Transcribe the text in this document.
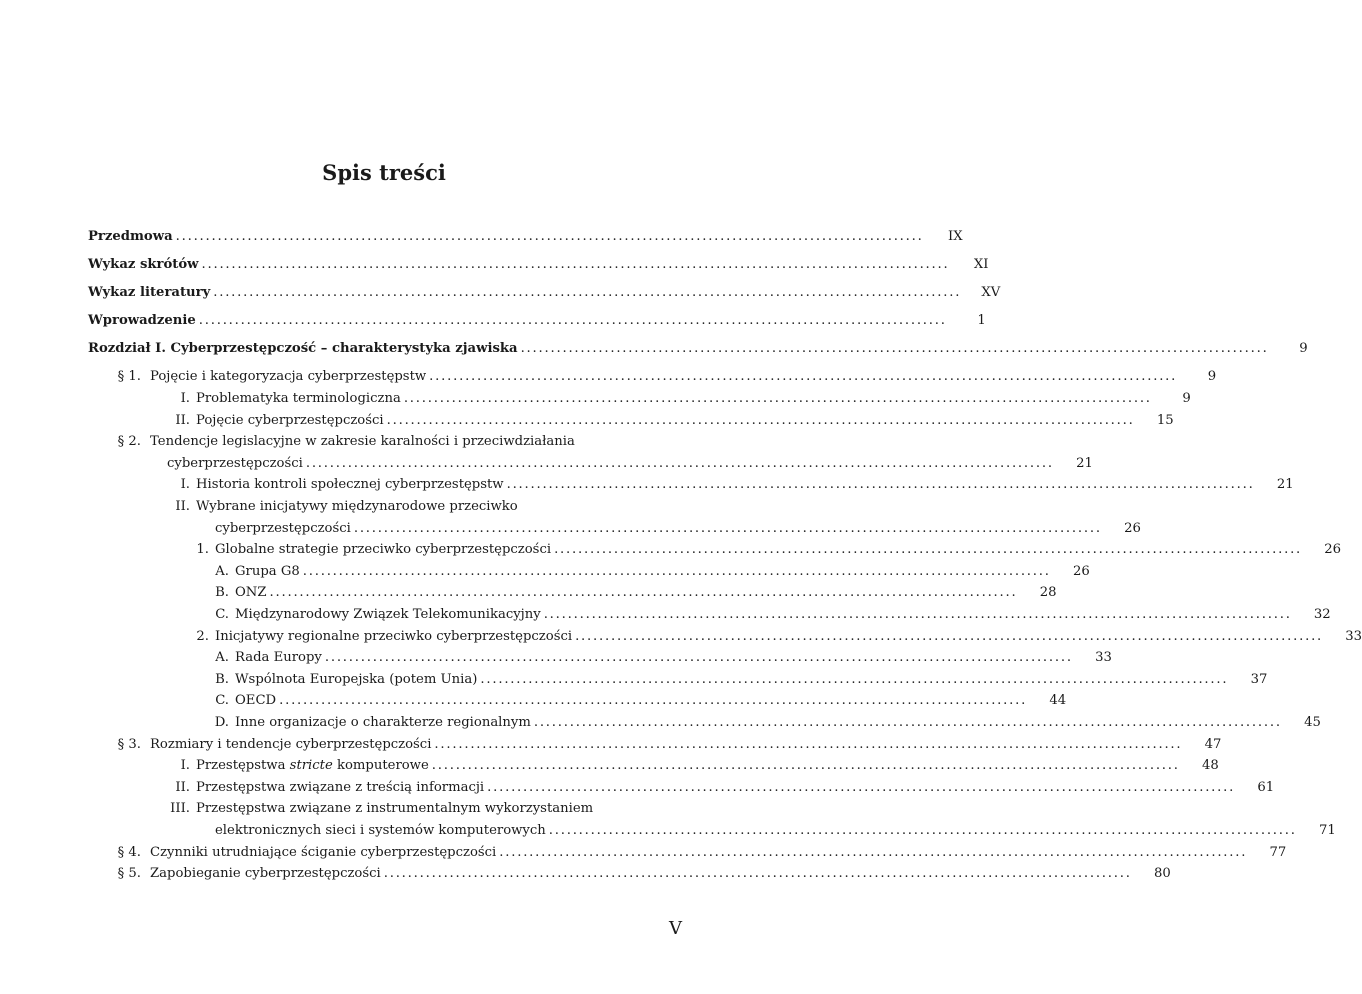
Spis treści
Przedmowa . . .	IX
Wykaz skrótów . . .	XI
Wykaz literatury . . .	XV
Wprowadzenie . . .	1
Rozdział I. Cyberprzestępczość – charakterystyka zjawiska . . .	9
§ 1. Pojęcie i kategoryzacja cyberprzestępstw . . .	9
I. Problematyka terminologiczna . . .	9
II. Pojęcie cyberprzestępczości . . .	15
§ 2. Tendencje legislacyjne w zakresie karalności i przeciwdziałania
cyberprzestępczości . . .	21
I. Historia kontroli społecznej cyberprzestępstw . . .	21
II. Wybrane inicjatywy międzynarodowe przeciwko
cyberprzestępczości . . .	26
1. Globalne strategie przeciwko cyberprzestępczości . . .	26
A. Grupa G8 . . .	26
B. ONZ . . .	28
C. Międzynarodowy Związek Telekomunikacyjny . . .	32
2. Inicjatywy regionalne przeciwko cyberprzestępczości . . .	33
A. Rada Europy . . .	33
B. Wspólnota Europejska (potem Unia) . . .	37
C. OECD . . .	44
D. Inne organizacje o charakterze regionalnym . . .	45
§ 3. Rozmiary i tendencje cyberprzestępczości . . .	47
I. Przestępstwa
stricte
komputerowe . . .	48
II. Przestępstwa związane z treścią informacji . . .	61
III. Przestępstwa związane z instrumentalnym wykorzystaniem
elektronicznych sieci i systemów komputerowych . . .	71
§ 4. Czynniki utrudniające ściganie cyberprzestępczości . . .	77
§ 5. Zapobieganie cyberprzestępczości . . .	80
V
